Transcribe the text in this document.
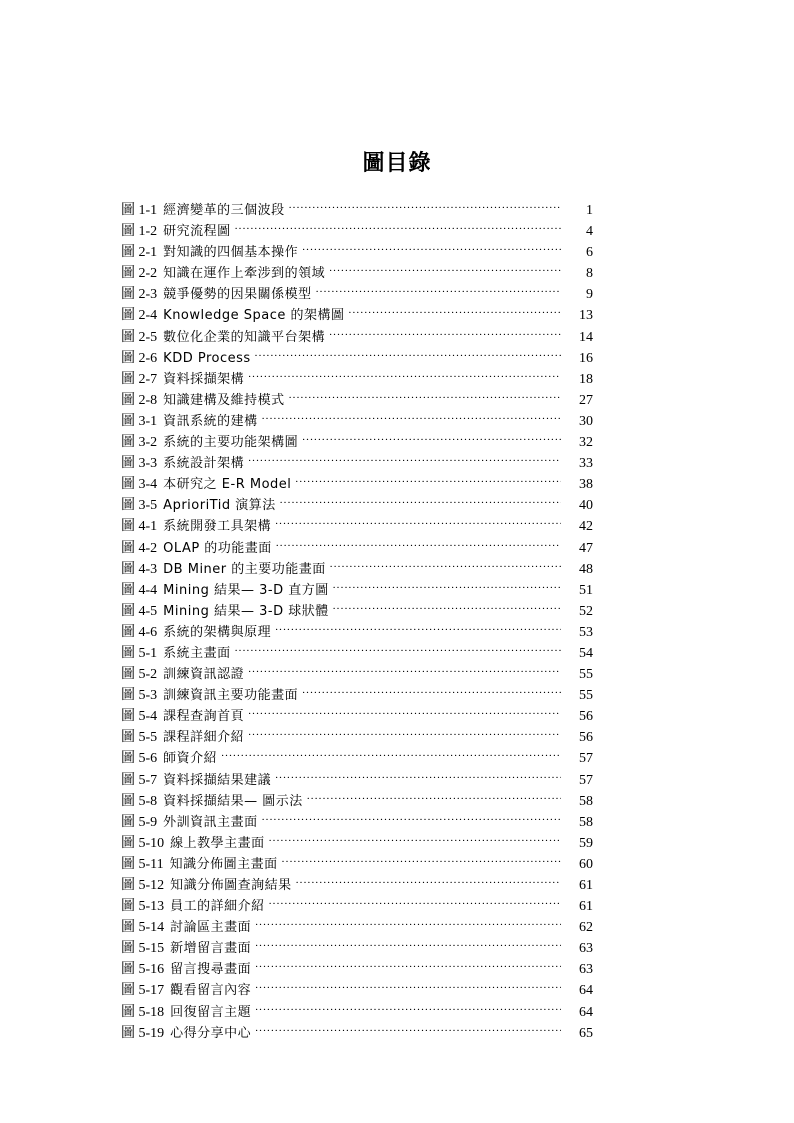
圖目錄
圖 1-1 經濟變革的三個波段 .....	1
圖 1-2 研究流程圖 .....	4
圖 2-1 對知識的四個基本操作 .....	6
圖 2-2 知識在運作上牽涉到的領域 .....	8
圖 2-3 競爭優勢的因果關係模型 .....	9
圖 2-4 Knowledge Space 的架構圖 .....	13
圖 2-5 數位化企業的知識平台架構 .....	14
圖 2-6 KDD Process .....	16
圖 2-7 資料採擷架構 .....	18
圖 2-8 知識建構及維持模式 .....	27
圖 3-1 資訊系統的建構 .....	30
圖 3-2 系統的主要功能架構圖 .....	32
圖 3-3 系統設計架構 .....	33
圖 3-4 本研究之 E-R Model .....	38
圖 3-5 AprioriTid 演算法 .....	40
圖 4-1 系統開發工具架構 .....	42
圖 4-2 OLAP 的功能畫面 .....	47
圖 4-3 DB Miner 的主要功能畫面 .....	48
圖 4-4 Mining 結果— 3-D 直方圖 .....	51
圖 4-5 Mining 結果— 3-D 球狀體 .....	52
圖 4-6 系統的架構與原理 .....	53
圖 5-1 系統主畫面 .....	54
圖 5-2 訓練資訊認證 .....	55
圖 5-3 訓練資訊主要功能畫面 .....	55
圖 5-4 課程查詢首頁 .....	56
圖 5-5 課程詳細介紹 .....	56
圖 5-6 師資介紹 .....	57
圖 5-7 資料採擷結果建議 .....	57
圖 5-8 資料採擷結果— 圖示法 .....	58
圖 5-9 外訓資訊主畫面 .....	58
圖 5-10 線上教學主畫面 .....	59
圖 5-11 知識分佈圖主畫面 .....	60
圖 5-12 知識分佈圖查詢結果 .....	61
圖 5-13 員工的詳細介紹 .....	61
圖 5-14 討論區主畫面 .....	62
圖 5-15 新增留言畫面 .....	63
圖 5-16 留言搜尋畫面 .....	63
圖 5-17 觀看留言內容 .....	64
圖 5-18 回復留言主題 .....	64
圖 5-19 心得分享中心 .....	65
